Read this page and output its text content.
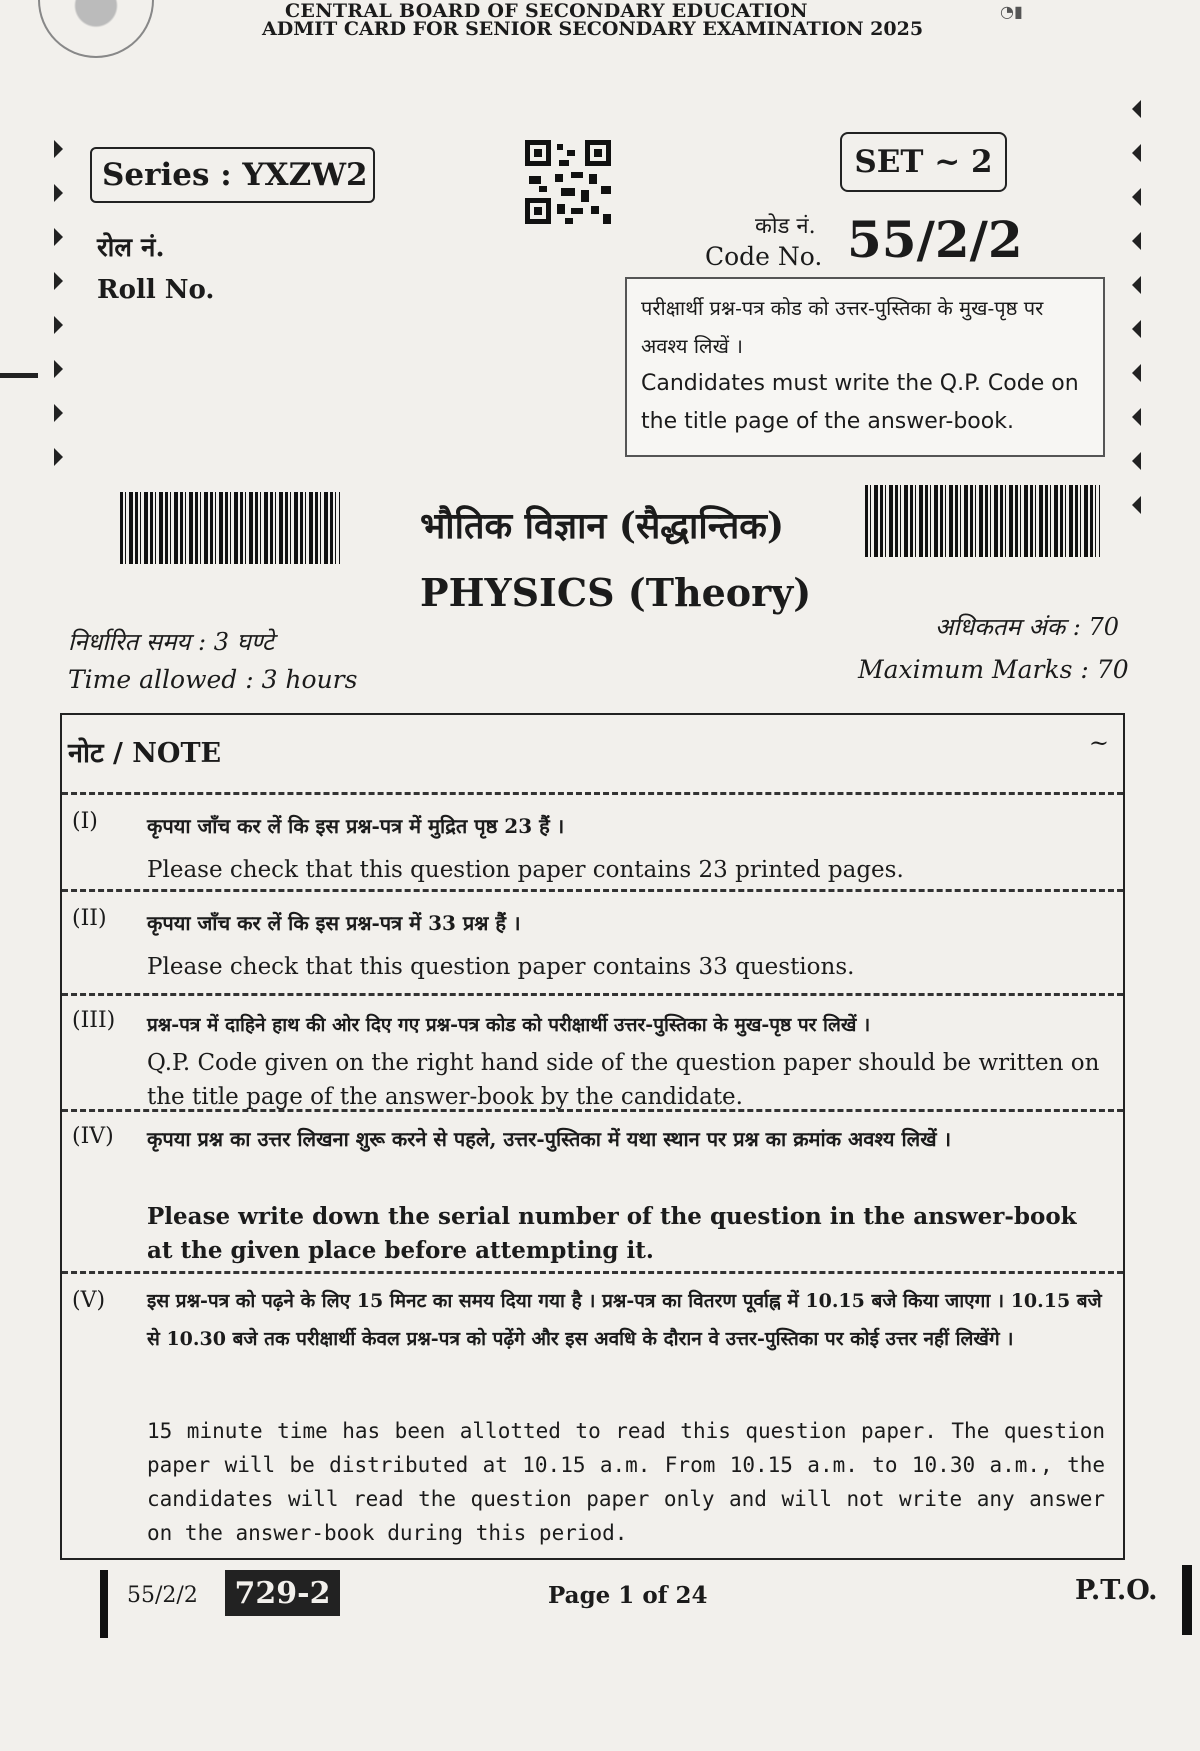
CENTRAL BOARD OF SECONDARY EDUCATION
ADMIT CARD FOR SENIOR SECONDARY EXAMINATION 2025
◔▮
Series : YXZW2
रोल नं.
Roll No.
SET ~ 2
कोड नं.
Code No. 55/2/2
परीक्षार्थी प्रश्न-पत्र कोड को उत्तर-पुस्तिका के मुख-पृष्ठ पर अवश्य लिखें ।
Candidates must write the Q.P. Code on the title page of the answer-book.
भौतिक विज्ञान (सैद्धान्तिक)
PHYSICS (Theory)
निर्धारित समय : 3 घण्टे
Time allowed : 3 hours
अधिकतम अंक : 70
Maximum Marks : 70
नोट / NOTE	~
(I) कृपया जाँच कर लें कि इस प्रश्न-पत्र में मुद्रित पृष्ठ 23 हैं ।
Please check that this question paper contains 23 printed pages.
(II) कृपया जाँच कर लें कि इस प्रश्न-पत्र में 33 प्रश्न हैं ।
Please check that this question paper contains 33 questions.
(III) प्रश्न-पत्र में दाहिने हाथ की ओर दिए गए प्रश्न-पत्र कोड को परीक्षार्थी उत्तर-पुस्तिका के मुख-पृष्ठ पर लिखें ।
Q.P. Code given on the right hand side of the question paper should be written on the title page of the answer-book by the candidate.
(IV) कृपया प्रश्न का उत्तर लिखना शुरू करने से पहले, उत्तर-पुस्तिका में यथा स्थान पर प्रश्न का क्रमांक अवश्य लिखें ।
Please write down the serial number of the question in the answer-book at the given place before attempting it.
(V) इस प्रश्न-पत्र को पढ़ने के लिए 15 मिनट का समय दिया गया है । प्रश्न-पत्र का वितरण पूर्वाह्न में 10.15 बजे किया जाएगा । 10.15 बजे से 10.30 बजे तक परीक्षार्थी केवल प्रश्न-पत्र को पढ़ेंगे और इस अवधि के दौरान वे उत्तर-पुस्तिका पर कोई उत्तर नहीं लिखेंगे ।
15 minute time has been allotted to read this question paper. The question paper will be distributed at 10.15 a.m. From 10.15 a.m. to 10.30 a.m., the candidates will read the question paper only and will not write any answer on the answer-book during this period.
55/2/2	729-2	Page 1 of 24	P.T.O.
